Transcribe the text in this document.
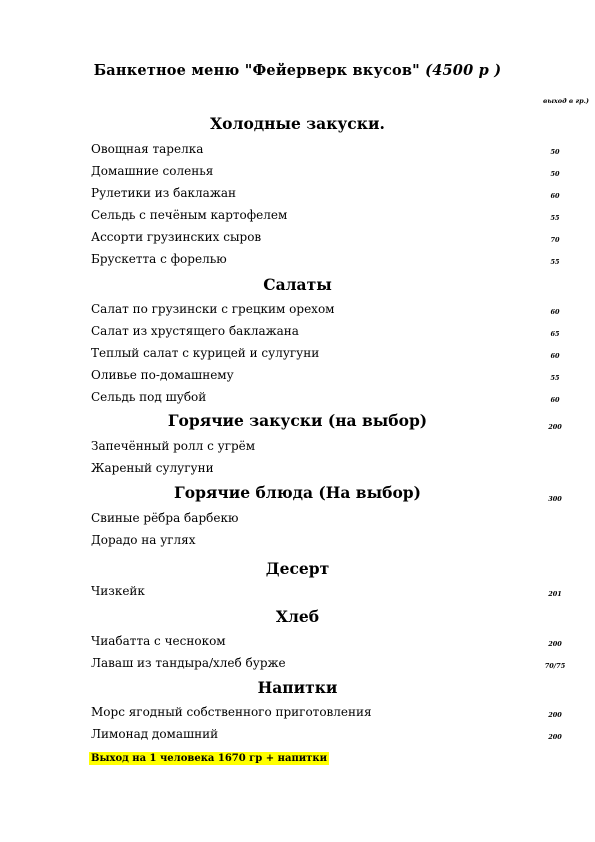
Банкетное меню "Фейерверк вкусов" (4500 р )
выход в гр.)
Холодные закуски.
Овощная тарелка	50
Домашние соленья	50
Рулетики из баклажан	60
Сельдь с печёным картофелем	55
Ассорти грузинских сыров	70
Брускетта с форелью	55
Салаты
Салат по грузински с грецким орехом	60
Салат из хрустящего баклажана	65
Теплый салат с курицей и сулугуни	60
Оливье по-домашнему	55
Сельдь под шубой	60
Горячие закуски (на выбор)	200
Запечённый ролл с угрём
Жареный сулугуни
Горячие блюда (На выбор)	300
Свиные рёбра барбекю
Дорадо на углях
Десерт
Чизкейк	201
Хлеб
Чиабатта с чесноком	200
Лаваш из тандыра/хлеб бурже	70/75
Напитки
Морс ягодный собственного приготовления	200
Лимонад домашний	200
Выход на 1 человека 1670 гр + напитки
